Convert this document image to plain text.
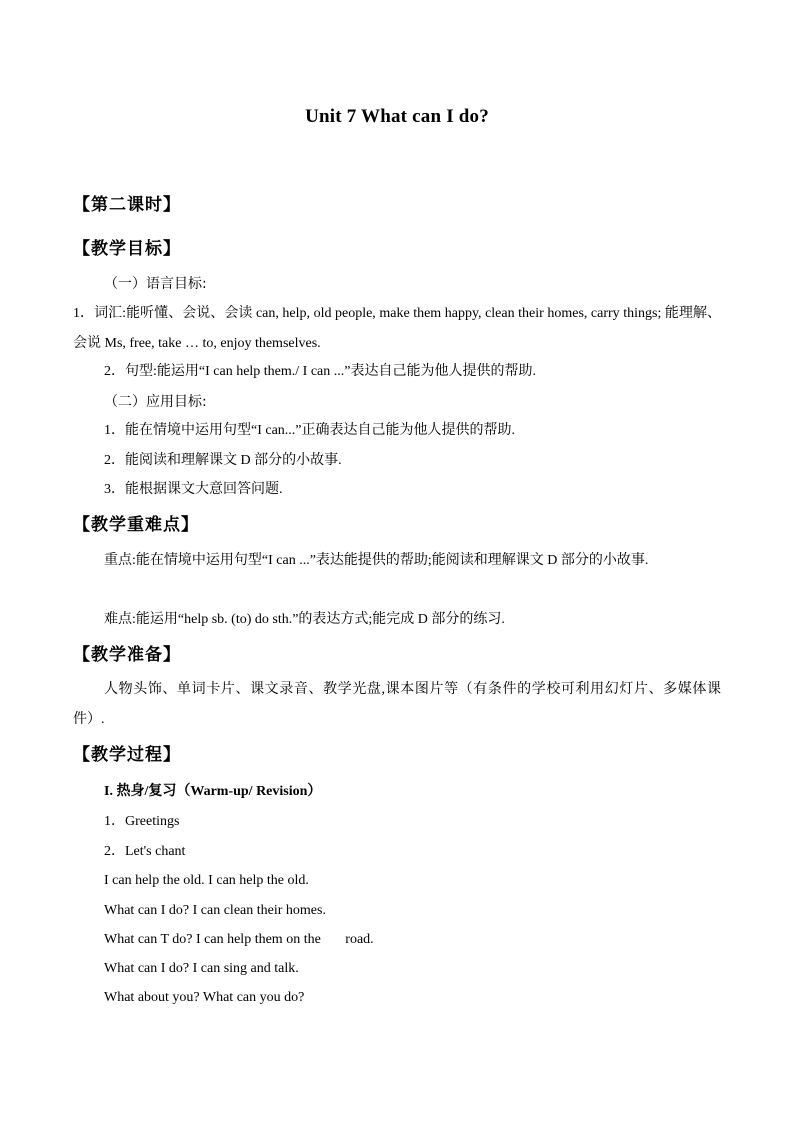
Unit 7 What can I do?
【第二课时】
【教学目标】
（一）语言目标:
1．词汇:能听懂、会说、会读 can, help, old people, make them happy, clean their homes, carry things; 能理解、会说 Ms, free, take … to, enjoy themselves.
2．句型:能运用“I can help them./ I can ...”表达自己能为他人提供的帮助.
（二）应用目标:
1．能在情境中运用句型“I can...”正确表达自己能为他人提供的帮助.
2．能阅读和理解课文 D 部分的小故事.
3．能根据课文大意回答问题.
【教学重难点】
重点:能在情境中运用句型“I can ...”表达能提供的帮助;能阅读和理解课文 D 部分的小故事.
难点:能运用“help sb. (to) do sth.”的表达方式;能完成 D 部分的练习.
【教学准备】
人物头饰、单词卡片、课文录音、教学光盘,课本图片等（有条件的学校可利用幻灯片、多媒体课件）.
【教学过程】
I. 热身/复习（Warm-up/ Revision）
1．Greetings
2．Let's chant
I can help the old. I can help the old.
What can I do? I can clean their homes.
What can T do? I can help them on the       road.
What can I do? I can sing and talk.
What about you? What can you do?
